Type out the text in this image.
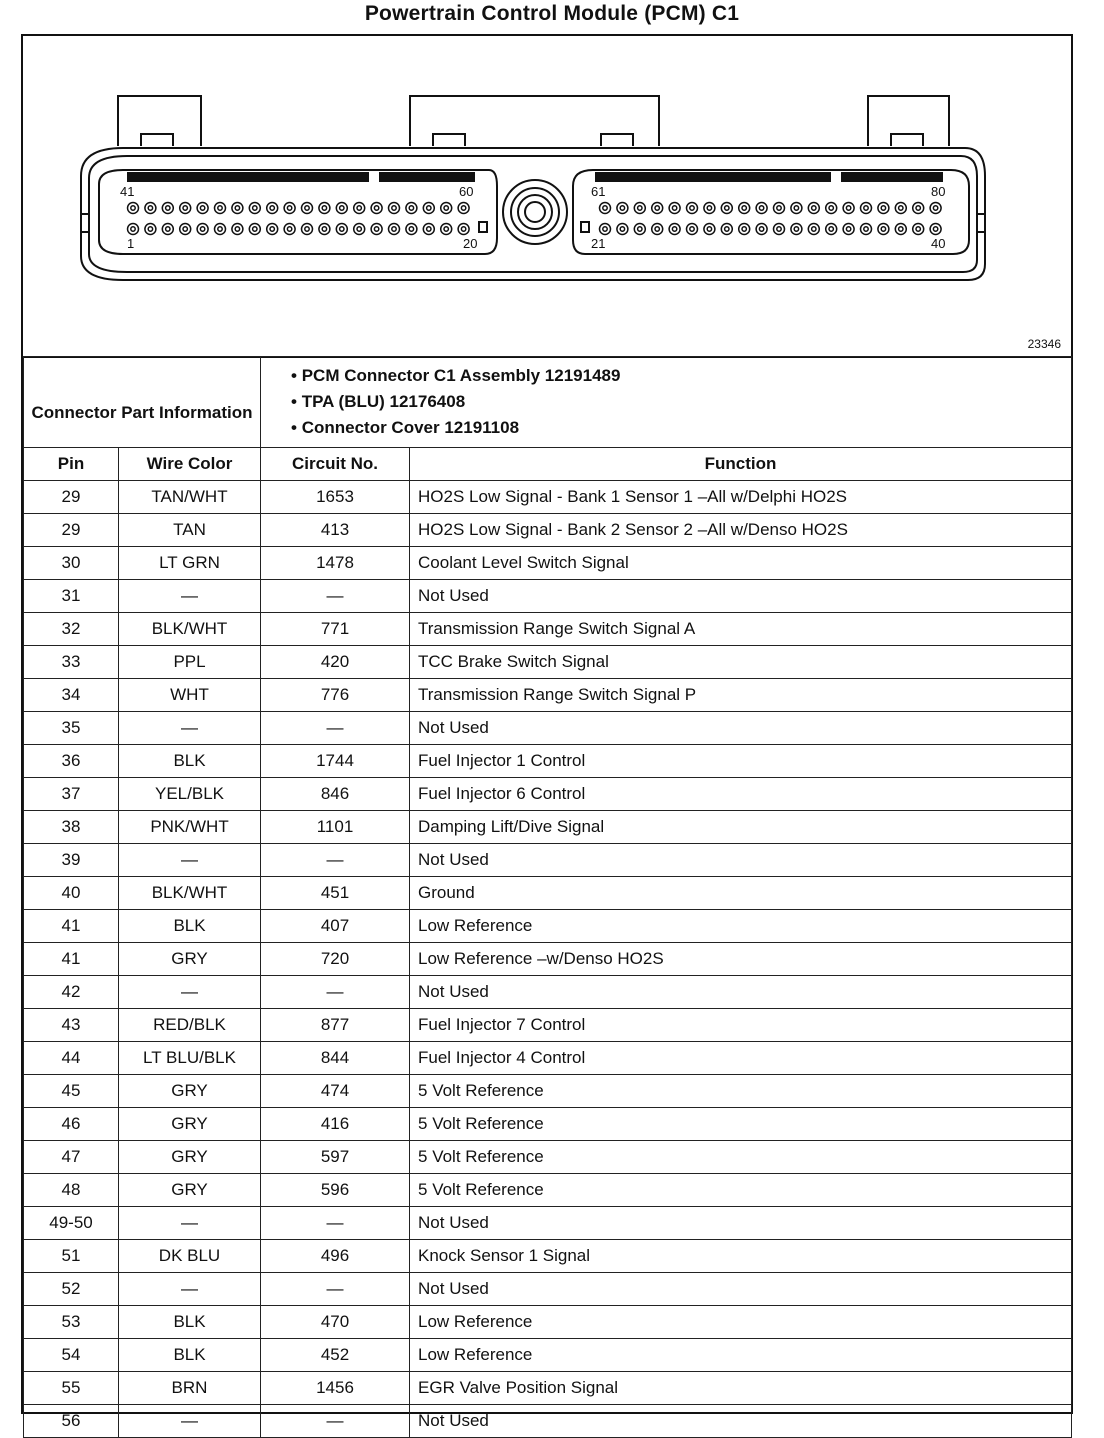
Powertrain Control Module (PCM) C1
41	60
1	20
61	80
21	40
23346
Connector Part Information		• PCM Connector C1 Assembly 12191489
• TPA (BLU) 12176408
• Connector Cover 12191108	

Pin	Wire Color	Circuit No.	Function
29	TAN/WHT	1653	HO2S Low Signal - Bank 1 Sensor 1 –All w/Delphi HO2S
29	TAN	413	HO2S Low Signal - Bank 2 Sensor 2 –All w/Denso HO2S
30	LT GRN	1478	Coolant Level Switch Signal
31	—	—	Not Used
32	BLK/WHT	771	Transmission Range Switch Signal A
33	PPL	420	TCC Brake Switch Signal
34	WHT	776	Transmission Range Switch Signal P
35	—	—	Not Used
36	BLK	1744	Fuel Injector 1 Control
37	YEL/BLK	846	Fuel Injector 6 Control
38	PNK/WHT	1101	Damping Lift/Dive Signal
39	—	—	Not Used
40	BLK/WHT	451	Ground
41	BLK	407	Low Reference
41	GRY	720	Low Reference –w/Denso HO2S
42	—	—	Not Used
43	RED/BLK	877	Fuel Injector 7 Control
44	LT BLU/BLK	844	Fuel Injector 4 Control
45	GRY	474	5 Volt Reference
46	GRY	416	5 Volt Reference
47	GRY	597	5 Volt Reference
48	GRY	596	5 Volt Reference
49-50	—	—	Not Used
51	DK BLU	496	Knock Sensor 1 Signal
52	—	—	Not Used
53	BLK	470	Low Reference
54	BLK	452	Low Reference
55	BRN	1456	EGR Valve Position Signal
56	—	—	Not Used
